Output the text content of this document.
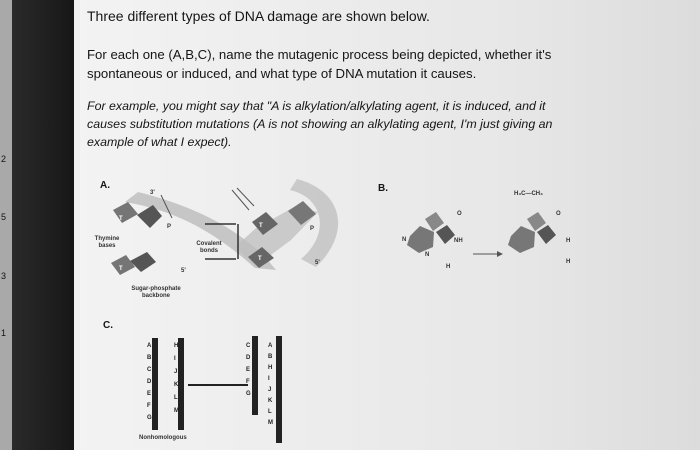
2
5
3
1
Three different types of DNA damage are shown below.
For each one (A,B,C), name the mutagenic process being depicted, whether it's
spontaneous or induced, and what type of DNA mutation it causes.
For example, you might say that "A is alkylation/alkylating agent, it is induced, and it
causes substitution mutations (A is not showing an alkylating agent, I'm just giving an
example of what I expect).
A.	B.
C.
Thymine
bases	Covalent
bonds
Sugar-phosphate
backbone
3'
5'
5'
T
T
T
T
P	P
H₃C—CH₃
NH
N
N
H
H
H
O	O
Nonhomologous
A
B
C
D
E
F
G
H
I
J
K
L
M
C
D
E
F
G
A
B
H
I
J
K
L
M
